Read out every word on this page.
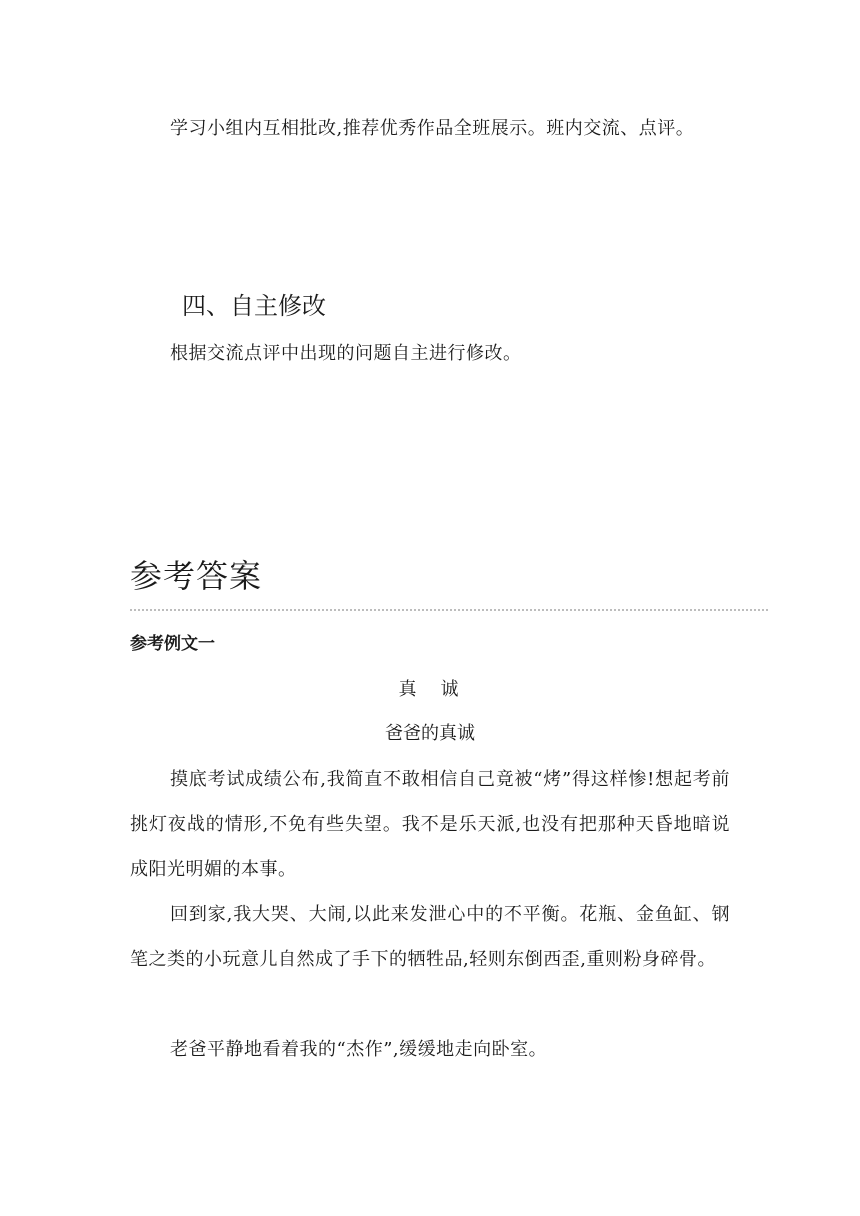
学习小组内互相批改,推荐优秀作品全班展示。班内交流、点评。

四、自主修改

根据交流点评中出现的问题自主进行修改。

参考答案
参考例文一
真　诚
爸爸的真诚

摸底考试成绩公布,我简直不敢相信自己竟被“烤”得这样惨!想起考前挑灯夜战的情形,不免有些失望。我不是乐天派,也没有把那种天昏地暗说成阳光明媚的本事。

回到家,我大哭、大闹,以此来发泄心中的不平衡。花瓶、金鱼缸、钢笔之类的小玩意儿自然成了手下的牺牲品,轻则东倒西歪,重则粉身碎骨。

老爸平静地看着我的“杰作”,缓缓地走向卧室。
